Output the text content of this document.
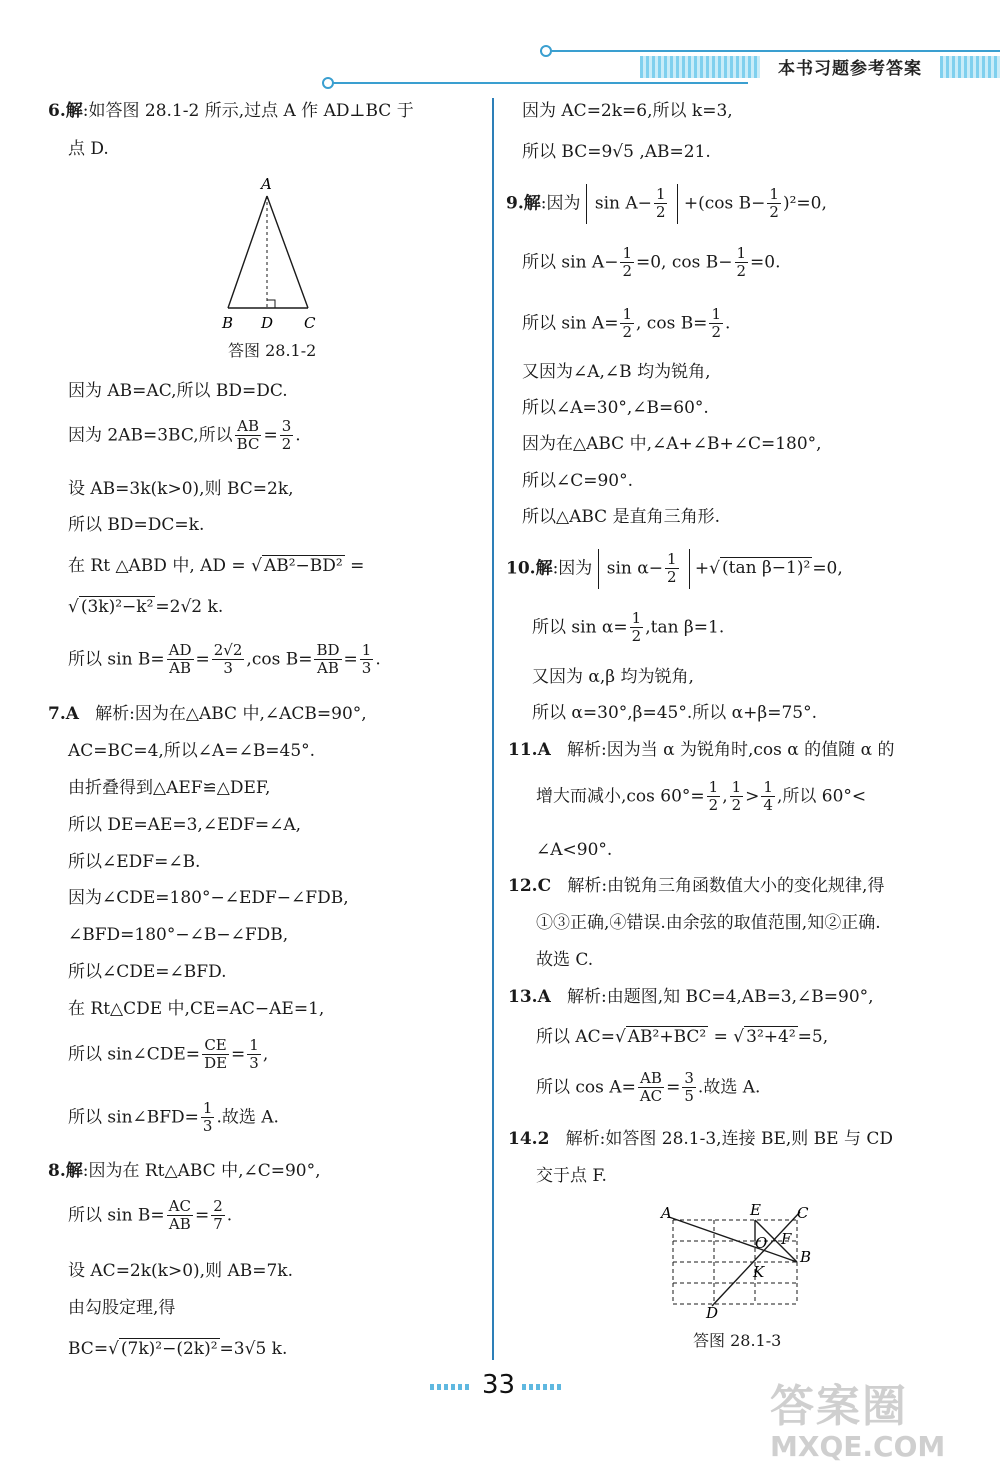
本书习题参考答案
6.解:如答图 28.1-2 所示,过点 A 作 AD⊥BC 于
点 D.
A
B D C
答图 28.1-2
因为 AB=AC,所以 BD=DC.
因为 2AB=3BC,所以 $\frac{AB}{BC} = \frac{3}{2}$ .
设 AB=3k(k>0),则 BC=2k,
所以 BD=DC=k.
在 Rt △ABD 中, AD = √ AB²−BD² =
√ (3k)²−k² =2√2 k.
所以 $\sin B= \frac{AD}{AB} = \frac{2√2}{3} ,\cos$ $B= \frac{BD}{AB} = \frac{1}{3}$ .
7.A 解析:因为在△ABC 中,∠ACB=90°,
AC=BC=4,所以∠A=∠B=45°.
由折叠得到△AEF≌△DEF,
所以 DE=AE=3,∠EDF=∠A,
所以∠EDF=∠B.
因为∠CDE=180°−∠EDF−∠FDB,
∠BFD=180°−∠B−∠FDB,
所以∠CDE=∠BFD.
在 Rt△CDE 中,CE=AC−AE=1,
所以 sin∠CDE= $\frac{CE}{DE} = \frac{1}{3}$ ,
所以 sin∠BFD= $\frac{1}{3}$ .故选 A.
8.解:因为在 Rt△ABC 中,∠C=90°,
所以 $\sin B= \frac{AC}{AB} = \frac{2}{7}$ .
设 AC=2k(k>0),则 AB=7k.
由勾股定理,得
BC=√ (7k)²−(2k)² =3√5 k.
因为 AC=2k=6,所以 k=3,
所以 BC=9√5 ,AB=21.
9.解:因为 $\sin A- \frac{1}{2} +(\cos$ $B- \frac{1}{2} )^2=0$,
所以 $\sin A- \frac{1}{2} =0$, $\cos B- \frac{1}{2} =0$.
所以 $\sin A= \frac{1}{2}$ , $\cos B= \frac{1}{2}$ .
又因为∠A,∠B 均为锐角,
所以∠A=30°,∠B=60°.
因为在△ABC 中,∠A+∠B+∠C=180°,
所以∠C=90°.
所以△ABC 是直角三角形.
10.解:因为 $\sin \alpha- \frac{1}{2}$ +√ (tan β−1)² =0,
所以 $\sin \alpha= \frac{1}{2} ,\tan$ β=1.
又因为 α,β 均为锐角,
所以 α=30°,β=45°.所以 α+β=75°.
11.A 解析:因为当 α 为锐角时,cos α 的值随 α 的
增大而减小,cos $60^\circ= \frac{1}{2}$ , $\frac{1}{2} > \frac{1}{4}$ ,所以 60°<
∠A<90°.
12.C 解析:由锐角三角函数值大小的变化规律,得
①③正确,④错误.由余弦的取值范围,知②正确.
故选 C.
13.A 解析:由题图,知 BC=4,AB=3,∠B=90°,
所以 AC=√ AB²+BC² = √ 3²+4² =5,
所以 $\cos A= \frac{AB}{AC} = \frac{3}{5}$ .故选 A.
14.2 解析:如答图 28.1-3,连接 BE,则 BE 与 CD
交于点 F.
A	E C
O F
B
K
D
答图 28.1-3
33	答案圈
MXQE.COM
